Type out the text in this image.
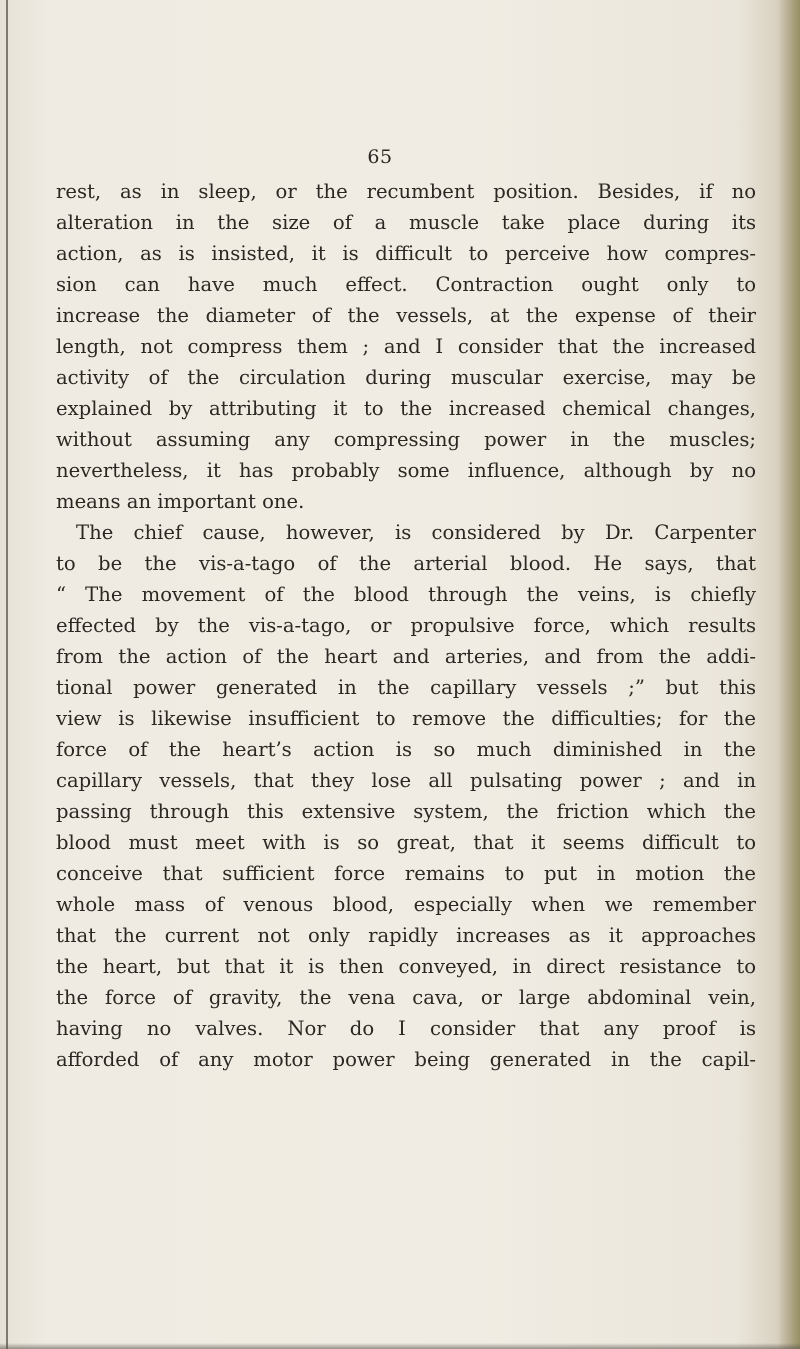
65
rest, as in sleep, or the recumbent position. Besides, if no
alteration in the size of a muscle take place during its
action, as is insisted, it is difficult to perceive how compres-
sion can have much effect. Contraction ought only to
increase the diameter of the vessels, at the expense of their
length, not compress them ; and I consider that the increased
activity of the circulation during muscular exercise, may be
explained by attributing it to the increased chemical changes,
without assuming any compressing power in the muscles;
nevertheless, it has probably some influence, although by no
means an important one.
The chief cause, however, is considered by Dr. Carpenter
to be the vis-a-tago of the arterial blood. He says, that
“ The movement of the blood through the veins, is chiefly
effected by the vis-a-tago, or propulsive force, which results
from the action of the heart and arteries, and from the addi-
tional power generated in the capillary vessels ;” but this
view is likewise insufficient to remove the difficulties; for the
force of the heart’s action is so much diminished in the
capillary vessels, that they lose all pulsating power ; and in
passing through this extensive system, the friction which the
blood must meet with is so great, that it seems difficult to
conceive that sufficient force remains to put in motion the
whole mass of venous blood, especially when we remember
that the current not only rapidly increases as it approaches
the heart, but that it is then conveyed, in direct resistance to
the force of gravity, the vena cava, or large abdominal vein,
having no valves. Nor do I consider that any proof is
afforded of any motor power being generated in the capil-
